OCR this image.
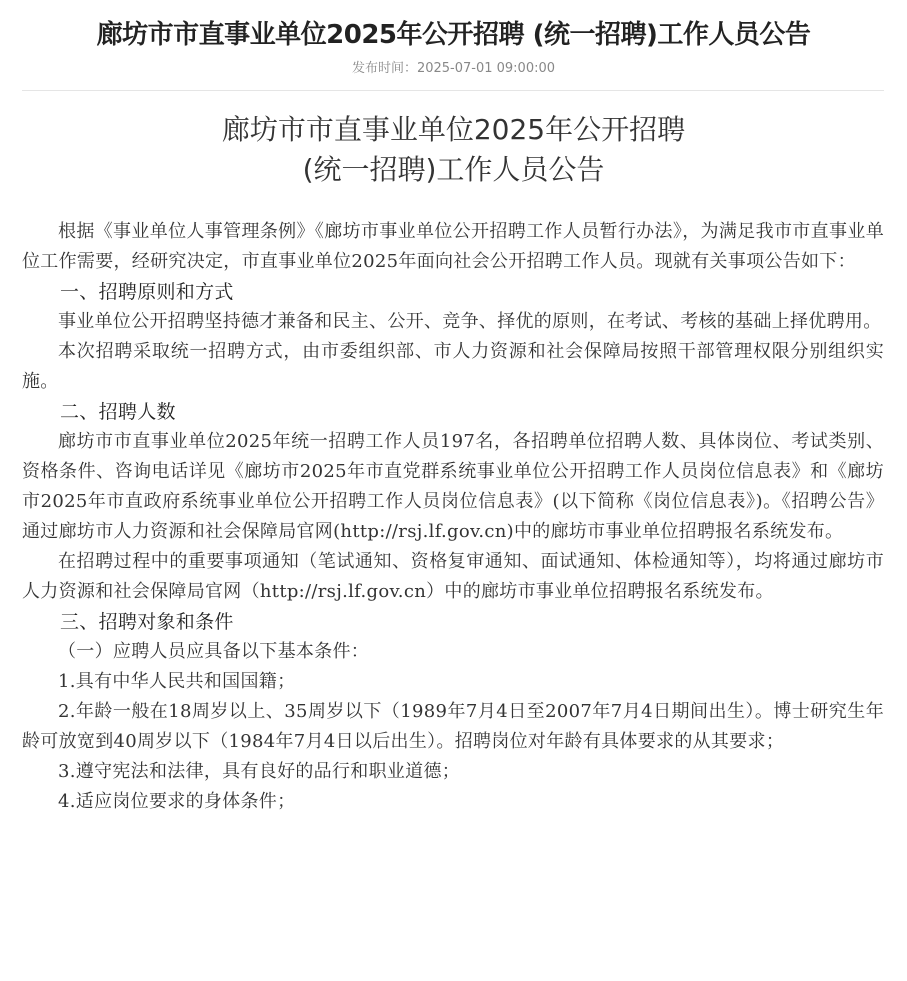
廊坊市市直事业单位2025年公开招聘 (统一招聘)工作人员公告
发布时间：2025-07-01 09:00:00
廊坊市市直事业单位2025年公开招聘
(统一招聘)工作人员公告

根据《事业单位人事管理条例》《廊坊市事业单位公开招聘工作人员暂行办法》，为满足我市市直事业单位工作需要，经研究决定，市直事业单位2025年面向社会公开招聘工作人员。现就有关事项公告如下：

一、招聘原则和方式

事业单位公开招聘坚持德才兼备和民主、公开、竞争、择优的原则，在考试、考核的基础上择优聘用。

本次招聘采取统一招聘方式，由市委组织部、市人力资源和社会保障局按照干部管理权限分别组织实施。

二、招聘人数

廊坊市市直事业单位2025年统一招聘工作人员197名，各招聘单位招聘人数、具体岗位、考试类别、资格条件、咨询电话详见《廊坊市2025年市直党群系统事业单位公开招聘工作人员岗位信息表》和《廊坊市2025年市直政府系统事业单位公开招聘工作人员岗位信息表》(以下简称《岗位信息表》)。《招聘公告》通过廊坊市人力资源和社会保障局官网(http://rsj.lf.gov.cn)中的廊坊市事业单位招聘报名系统发布。

在招聘过程中的重要事项通知（笔试通知、资格复审通知、面试通知、体检通知等），均将通过廊坊市人力资源和社会保障局官网（http://rsj.lf.gov.cn）中的廊坊市事业单位招聘报名系统发布。

三、招聘对象和条件

（一）应聘人员应具备以下基本条件：

1.具有中华人民共和国国籍；

2.年龄一般在18周岁以上、35周岁以下（1989年7月4日至2007年7月4日期间出生）。博士研究生年龄可放宽到40周岁以下（1984年7月4日以后出生）。招聘岗位对年龄有具体要求的从其要求；

3.遵守宪法和法律，具有良好的品行和职业道德；

4.适应岗位要求的身体条件；
